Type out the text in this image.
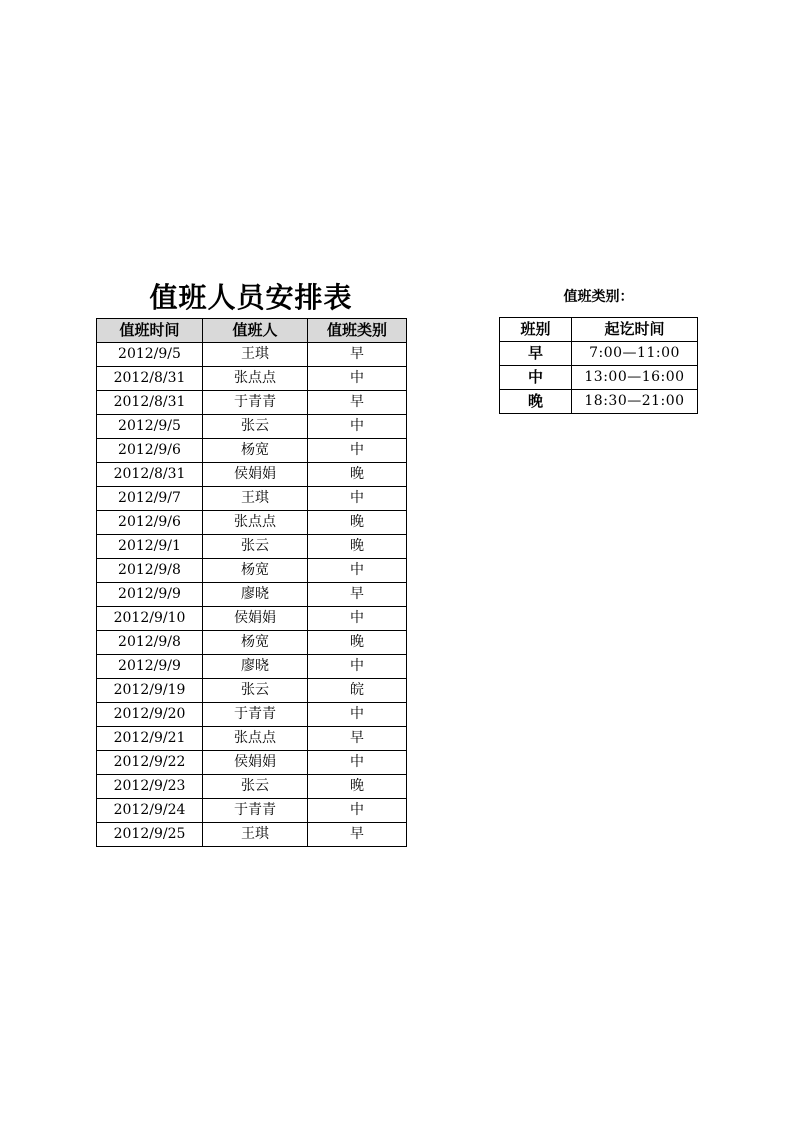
值班人员安排表
值班时间	值班人	值班类别
2012/9/5	王琪	早
2012/8/31	张点点	中
2012/8/31	于青青	早
2012/9/5	张云	中
2012/9/6	杨宽	中
2012/8/31	侯娟娟	晚
2012/9/7	王琪	中
2012/9/6	张点点	晚
2012/9/1	张云	晚
2012/9/8	杨宽	中
2012/9/9	廖晓	早
2012/9/10	侯娟娟	中
2012/9/8	杨宽	晚
2012/9/9	廖晓	中
2012/9/19	张云	皖
2012/9/20	于青青	中
2012/9/21	张点点	早
2012/9/22	侯娟娟	中
2012/9/23	张云	晚
2012/9/24	于青青	中
2012/9/25	王琪	早
值班类别：
班别	起讫时间
早	7:00—11:00
中	13:00—16:00
晚	18:30—21:00
